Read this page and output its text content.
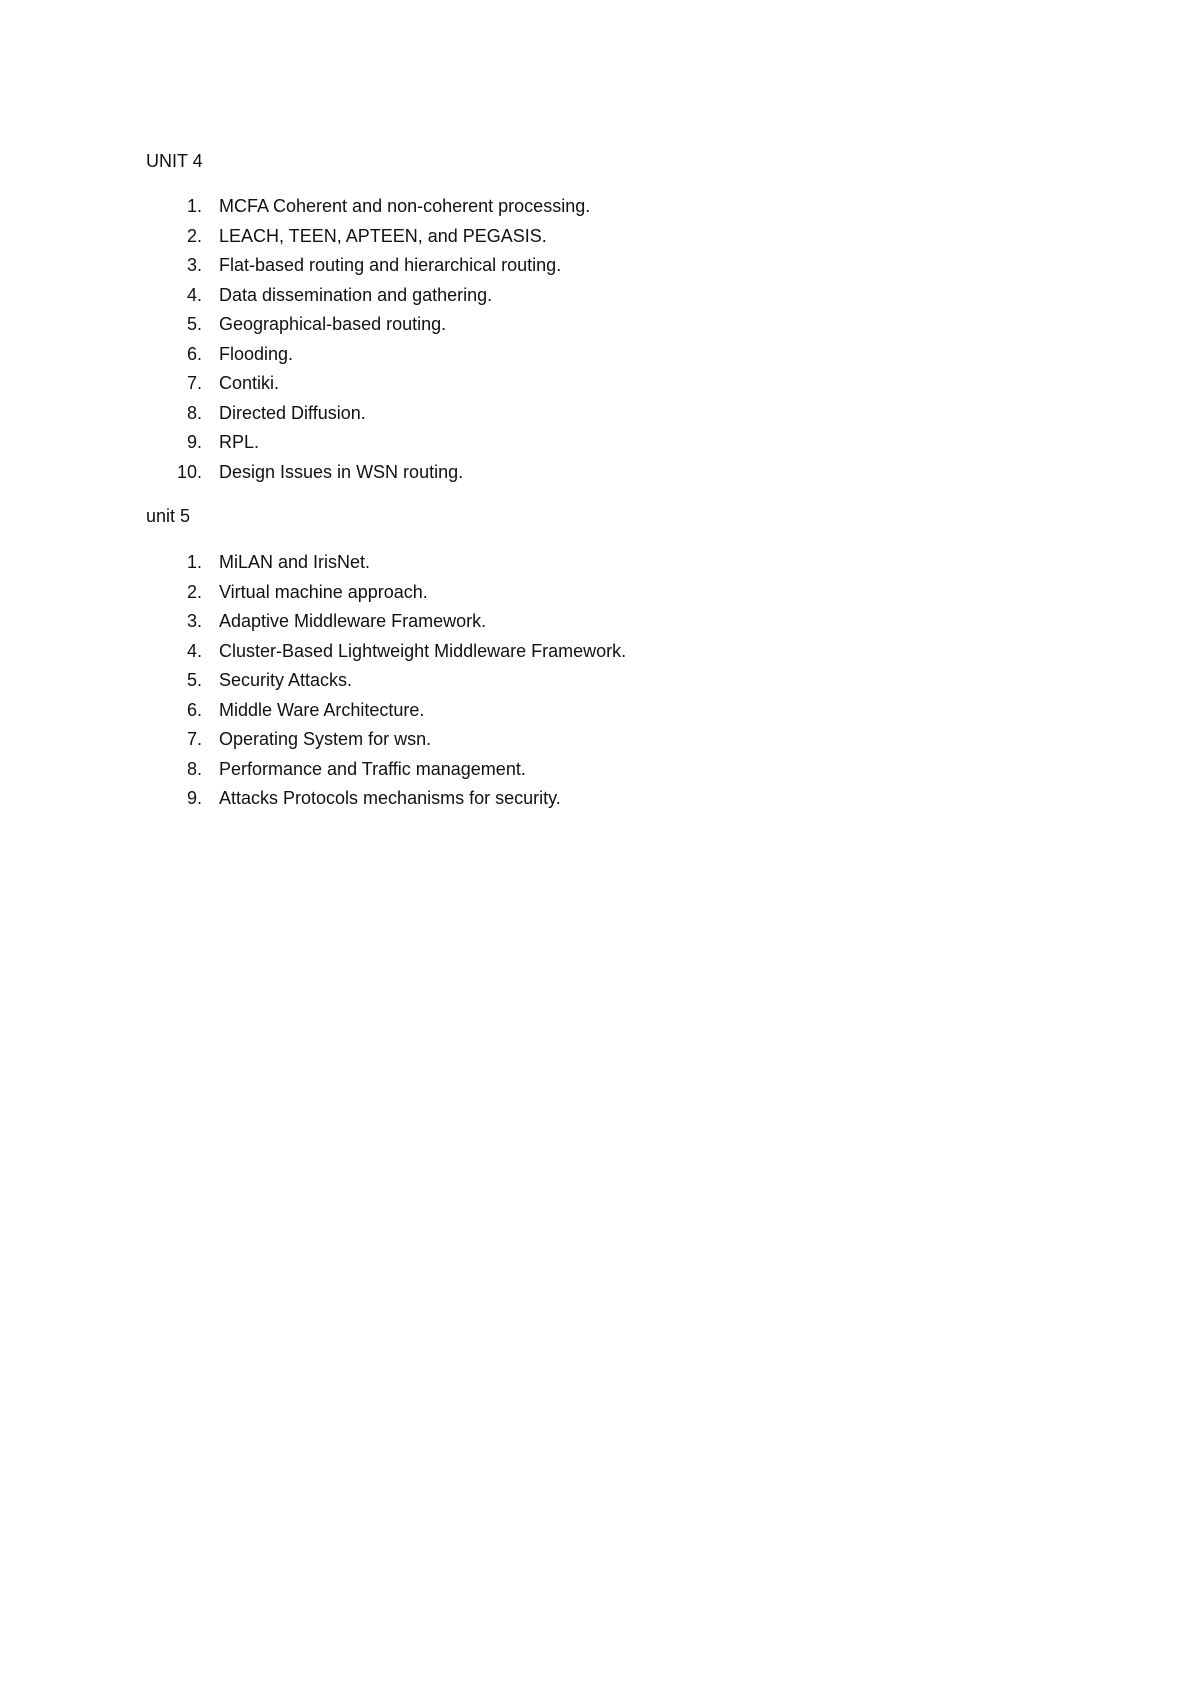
UNIT 4
1. MCFA Coherent and non-coherent processing.
2. LEACH, TEEN, APTEEN, and PEGASIS.
3. Flat-based routing and hierarchical routing.
4. Data dissemination and gathering.
5. Geographical-based routing.
6. Flooding.
7. Contiki.
8. Directed Diffusion.
9. RPL.
10. Design Issues in WSN routing.
unit 5
1. MiLAN and IrisNet.
2. Virtual machine approach.
3. Adaptive Middleware Framework.
4. Cluster-Based Lightweight Middleware Framework.
5. Security Attacks.
6. Middle Ware Architecture.
7. Operating System for wsn.
8. Performance and Traffic management.
9. Attacks Protocols mechanisms for security.
